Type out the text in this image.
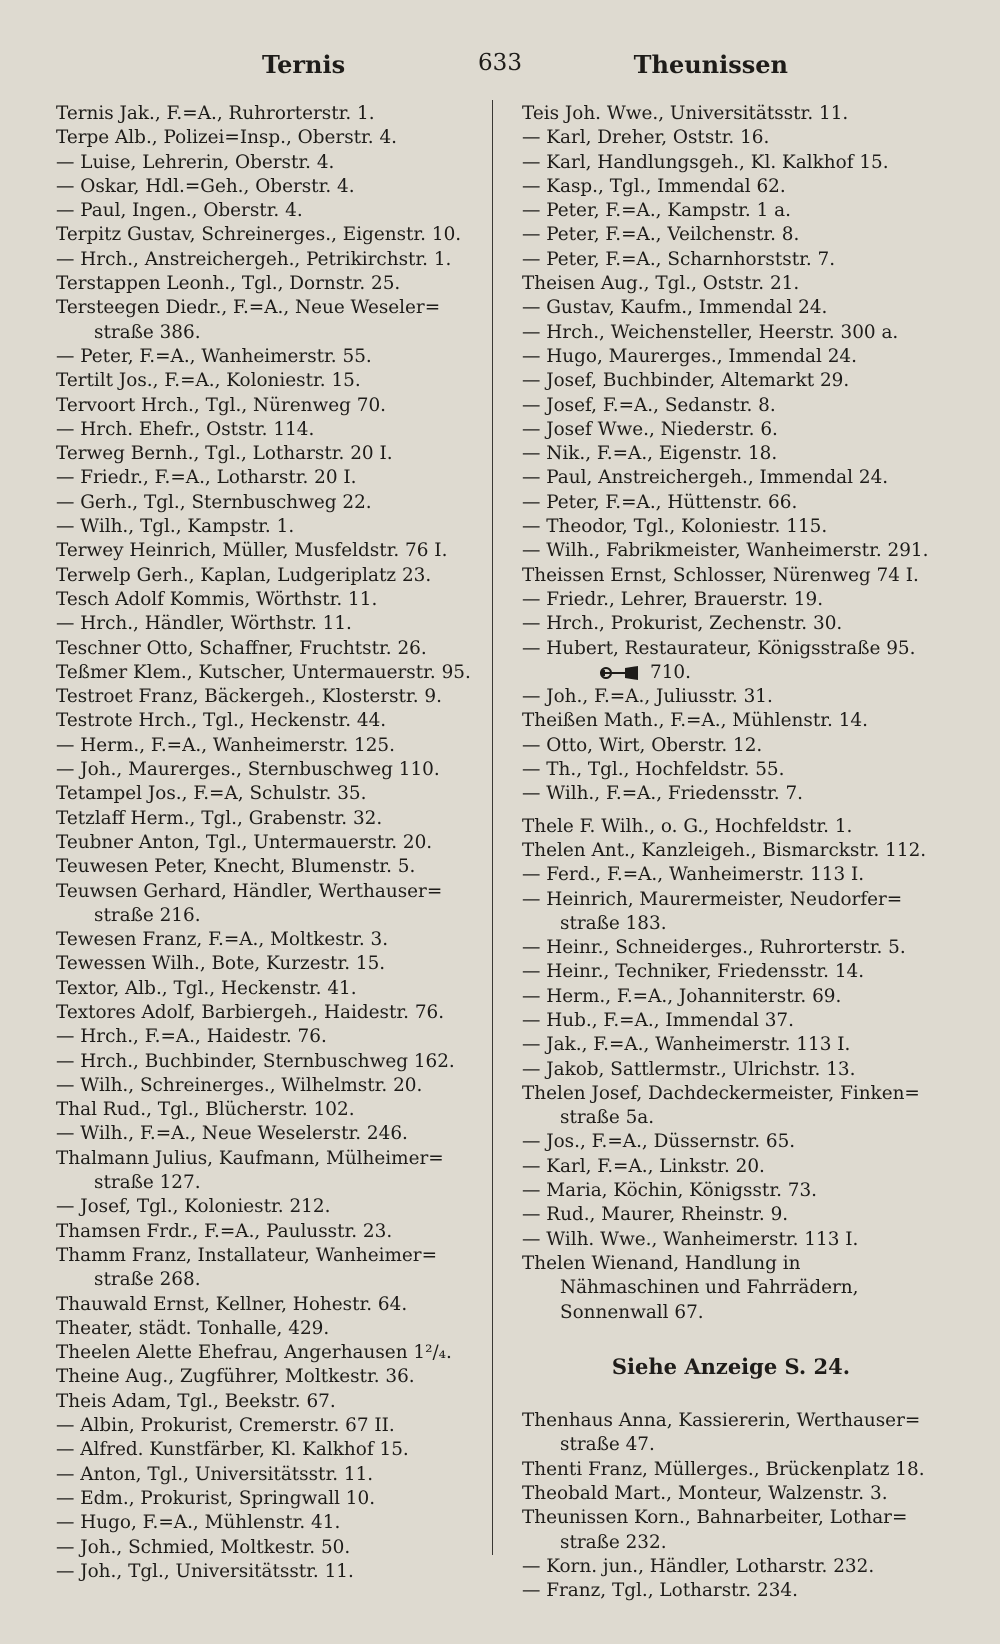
Ternis	633	Theunissen

Ternis Jak., F.=A., Ruhrorterstr. 1.

Terpe Alb., Polizei=Insp., Oberstr. 4.

— Luise, Lehrerin, Oberstr. 4.

— Oskar, Hdl.=Geh., Oberstr. 4.

— Paul, Ingen., Oberstr. 4.

Terpitz Gustav, Schreinerges., Eigenstr. 10.

— Hrch., Anstreichergeh., Petrikirchstr. 1.

Terstappen Leonh., Tgl., Dornstr. 25.

Tersteegen Diedr., F.=A., Neue Weseler= straße 386.

— Peter, F.=A., Wanheimerstr. 55.

Tertilt Jos., F.=A., Koloniestr. 15.

Tervoort Hrch., Tgl., Nürenweg 70.

— Hrch. Ehefr., Oststr. 114.

Terweg Bernh., Tgl., Lotharstr. 20 I.

— Friedr., F.=A., Lotharstr. 20 I.

— Gerh., Tgl., Sternbuschweg 22.

— Wilh., Tgl., Kampstr. 1.

Terwey Heinrich, Müller, Musfeldstr. 76 I.

Terwelp Gerh., Kaplan, Ludgeriplatz 23.

Tesch Adolf Kommis, Wörthstr. 11.

— Hrch., Händler, Wörthstr. 11.

Teschner Otto, Schaffner, Fruchtstr. 26.

Teßmer Klem., Kutscher, Untermauerstr. 95.

Testroet Franz, Bäckergeh., Klosterstr. 9.

Testrote Hrch., Tgl., Heckenstr. 44.

— Herm., F.=A., Wanheimerstr. 125.

— Joh., Maurerges., Sternbuschweg 110.

Tetampel Jos., F.=A, Schulstr. 35.

Tetzlaff Herm., Tgl., Grabenstr. 32.

Teubner Anton, Tgl., Untermauerstr. 20.

Teuwesen Peter, Knecht, Blumenstr. 5.

Teuwsen Gerhard, Händler, Werthauser= straße 216.

Tewesen Franz, F.=A., Moltkestr. 3.

Tewessen Wilh., Bote, Kurzestr. 15.

Textor, Alb., Tgl., Heckenstr. 41.

Textores Adolf, Barbiergeh., Haidestr. 76.

— Hrch., F.=A., Haidestr. 76.

— Hrch., Buchbinder, Sternbuschweg 162.

— Wilh., Schreinerges., Wilhelmstr. 20.

Thal Rud., Tgl., Blücherstr. 102.

— Wilh., F.=A., Neue Weselerstr. 246.

Thalmann Julius, Kaufmann, Mülheimer= straße 127.

— Josef, Tgl., Koloniestr. 212.

Thamsen Frdr., F.=A., Paulusstr. 23.

Thamm Franz, Installateur, Wanheimer= straße 268.

Thauwald Ernst, Kellner, Hohestr. 64.

Theater, städt. Tonhalle, 429.

Theelen Alette Ehefrau, Angerhausen 1²/₄.

Theine Aug., Zugführer, Moltkestr. 36.

Theis Adam, Tgl., Beekstr. 67.

— Albin, Prokurist, Cremerstr. 67 II.

— Alfred. Kunstfärber, Kl. Kalkhof 15.

— Anton, Tgl., Universitätsstr. 11.

— Edm., Prokurist, Springwall 10.

— Hugo, F.=A., Mühlenstr. 41.

— Joh., Schmied, Moltkestr. 50.

— Joh., Tgl., Universitätsstr. 11.

Teis Joh. Wwe., Universitätsstr. 11.

— Karl, Dreher, Oststr. 16.

— Karl, Handlungsgeh., Kl. Kalkhof 15.

— Kasp., Tgl., Immendal 62.

— Peter, F.=A., Kampstr. 1 a.

— Peter, F.=A., Veilchenstr. 8.

— Peter, F.=A., Scharnhorststr. 7.

Theisen Aug., Tgl., Oststr. 21.

— Gustav, Kaufm., Immendal 24.

— Hrch., Weichensteller, Heerstr. 300 a.

— Hugo, Maurerges., Immendal 24.

— Josef, Buchbinder, Altemarkt 29.

— Josef, F.=A., Sedanstr. 8.

— Josef Wwe., Niederstr. 6.

— Nik., F.=A., Eigenstr. 18.

— Paul, Anstreichergeh., Immendal 24.

— Peter, F.=A., Hüttenstr. 66.

— Theodor, Tgl., Koloniestr. 115.

— Wilh., Fabrikmeister, Wanheimerstr. 291.

Theissen Ernst, Schlosser, Nürenweg 74 I.

— Friedr., Lehrer, Brauerstr. 19.

— Hrch., Prokurist, Zechenstr. 30.

— Hubert, Restaurateur, Königsstraße 95.

710.

— Joh., F.=A., Juliusstr. 31.

Theißen Math., F.=A., Mühlenstr. 14.

— Otto, Wirt, Oberstr. 12.

— Th., Tgl., Hochfeldstr. 55.

— Wilh., F.=A., Friedensstr. 7.

Thele F. Wilh., o. G., Hochfeldstr. 1.

Thelen Ant., Kanzleigeh., Bismarckstr. 112.

— Ferd., F.=A., Wanheimerstr. 113 I.

— Heinrich, Maurermeister, Neudorfer= straße 183.

— Heinr., Schneiderges., Ruhrorterstr. 5.

— Heinr., Techniker, Friedensstr. 14.

— Herm., F.=A., Johanniterstr. 69.

— Hub., F.=A., Immendal 37.

— Jak., F.=A., Wanheimerstr. 113 I.

— Jakob, Sattlermstr., Ulrichstr. 13.

Thelen Josef, Dachdeckermeister, Finken= straße 5a.

— Jos., F.=A., Düssernstr. 65.

— Karl, F.=A., Linkstr. 20.

— Maria, Köchin, Königsstr. 73.

— Rud., Maurer, Rheinstr. 9.

— Wilh. Wwe., Wanheimerstr. 113 I.

Thelen Wienand, Handlung in Nähmaschinen und Fahrrädern, Sonnenwall 67.

Siehe Anzeige S. 24.

Thenhaus Anna, Kassiererin, Werthauser= straße 47.

Thenti Franz, Müllerges., Brückenplatz 18.

Theobald Mart., Monteur, Walzenstr. 3.

Theunissen Korn., Bahnarbeiter, Lothar= straße 232.

— Korn. jun., Händler, Lotharstr. 232.

— Franz, Tgl., Lotharstr. 234.
